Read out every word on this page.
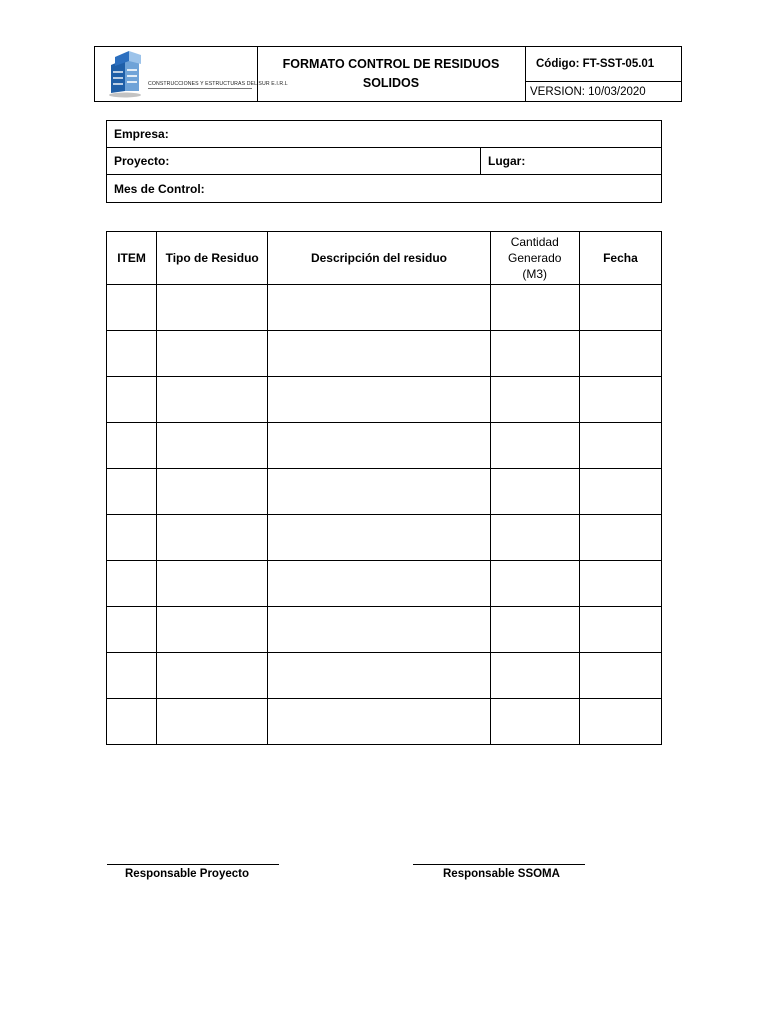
CONSTRUCCIONES Y ESTRUCTURAS DEL SUR E.I.R.L
FORMATO CONTROL DE RESIDUOS
SOLIDOS
Código: FT-SST-05.01
VERSION: 10/03/2020
Empresa:
Proyecto:	Lugar:
Mes de Control:
ITEM	Tipo de Residuo	Descripción del residuo	Cantidad
Generado
(M3)	Fecha

Responsable Proyecto	Responsable SSOMA
